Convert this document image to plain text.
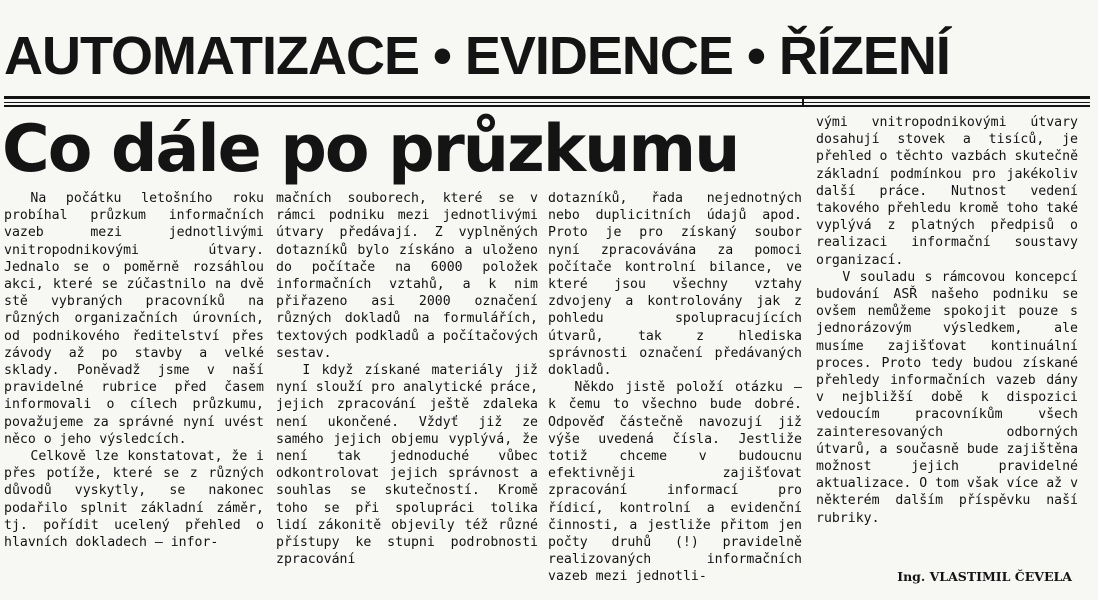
AUTOMATIZACE • EVIDENCE • ŘÍZENÍ
Co dále po průzkumu

Na počátku letošního roku probíhal průzkum informačních vazeb mezi jednotlivými vnitropodnikovými útvary. Jednalo se o poměrně rozsáhlou akci, které se zúčastnilo na dvě stě vybraných pracovníků na různých organizačních úrovních, od podnikového ředitelství přes závody až po stavby a velké sklady. Poněvadž jsme v naší pravidelné rubrice před časem informovali o cílech průzkumu, považujeme za správné nyní uvést něco o jeho výsledcích.

Celkově lze konstatovat, že i přes potíže, které se z různých důvodů vyskytly, se nakonec podařilo splnit základní záměr, tj. pořídit ucelený přehled o hlavních dokladech — infor-

mačních souborech, které se v rámci podniku mezi jednotlivými útvary předávají. Z vyplněných dotazníků bylo získáno a uloženo do počítače na 6000 položek informačních vztahů, a k nim přiřazeno asi 2000 označení různých dokladů na formulářích, textových podkladů a počítačových sestav.

I když získané materiály již nyní slouží pro analytické práce, jejich zpracování ještě zdaleka není ukončené. Vždyť již ze samého jejich objemu vyplývá, že není tak jednoduché vůbec odkontrolovat jejich správnost a souhlas se skutečností. Kromě toho se při spolupráci tolika lidí zákonitě objevily též různé přístupy ke stupni podrobnosti zpracování

dotazníků, řada nejednotných nebo duplicitních údajů apod. Proto je pro získaný soubor nyní zpracovávána za pomoci počítače kontrolní bilance, ve které jsou všechny vztahy zdvojeny a kontrolovány jak z pohledu spolupracujících útvarů, tak z hlediska správnosti označení předávaných dokladů.

Někdo jistě položí otázku — k čemu to všechno bude dobré. Odpověď částečně navozují již výše uvedená čísla. Jestliže totiž chceme v budoucnu efektivněji zajišťovat zpracování informací pro řídicí, kontrolní a evidenční činnosti, a jestliže přitom jen počty druhů (!) pravidelně realizovaných informačních vazeb mezi jednotli-

vými vnitropodnikovými útvary dosahují stovek a tisíců, je přehled o těchto vazbách skutečně základní podmínkou pro jakékoliv další práce. Nutnost vedení takového přehledu kromě toho také vyplývá z platných předpisů o realizaci informační soustavy organizací.

V souladu s rámcovou koncepcí budování ASŘ našeho podniku se ovšem nemůžeme spokojit pouze s jednorázovým výsledkem, ale musíme zajišťovat kontinuální proces. Proto tedy budou získané přehledy informačních vazeb dány v nejbližší době k dispozici vedoucím pracovníkům všech zainteresovaných odborných útvarů, a současně bude zajištěna možnost jejich pravidelné aktualizace. O tom však více až v některém dalším příspěvku naší rubriky.

Ing. VLASTIMIL ČEVELA
